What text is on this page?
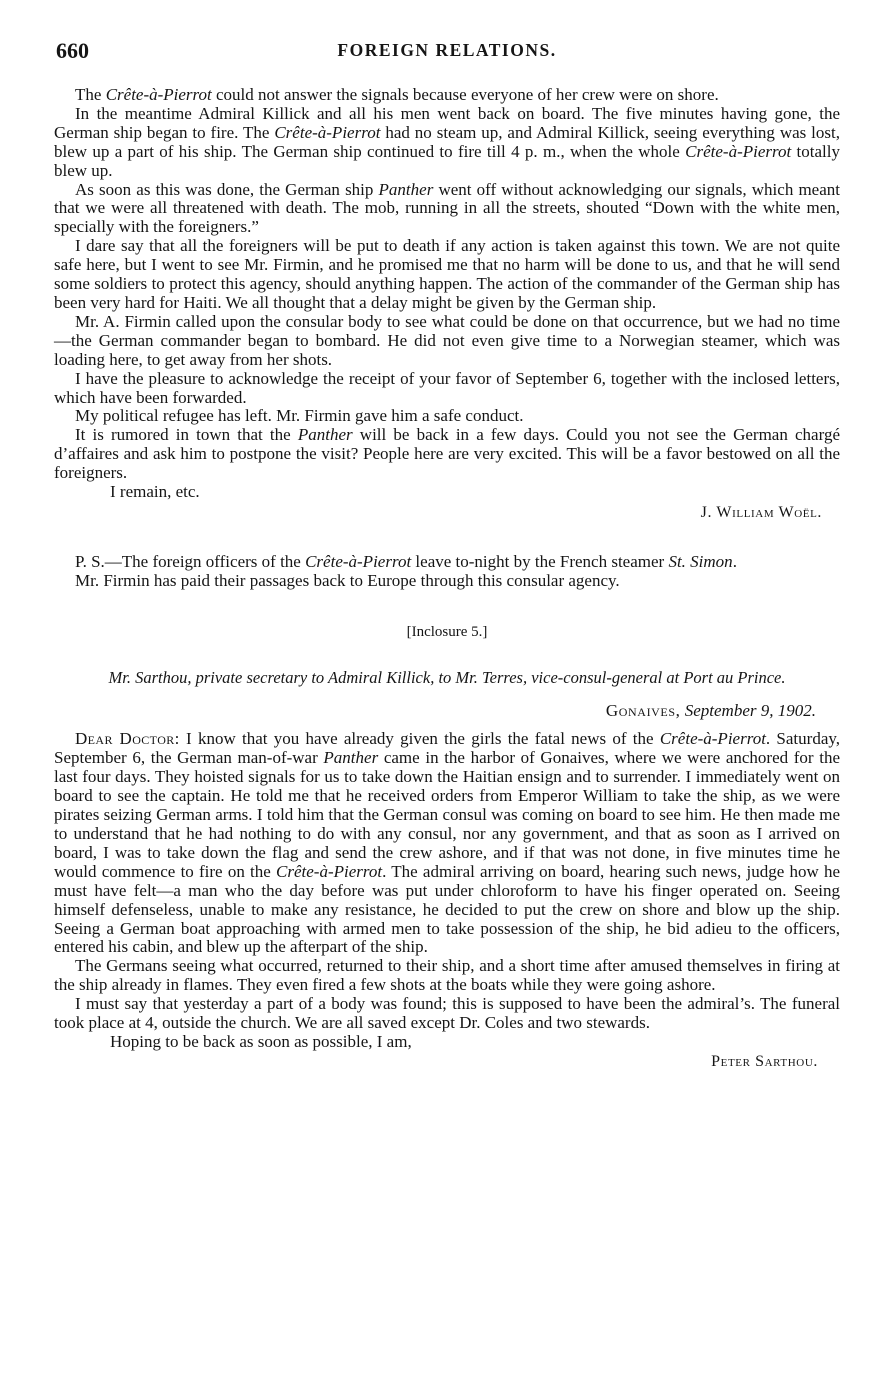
660	FOREIGN RELATIONS.

The Crête-à-Pierrot could not answer the signals because everyone of her crew were on shore.

In the meantime Admiral Killick and all his men went back on board. The five minutes having gone, the German ship began to fire. The Crête-à-Pierrot had no steam up, and Admiral Killick, seeing everything was lost, blew up a part of his ship. The German ship continued to fire till 4 p. m., when the whole Crête-à-Pierrot totally blew up.

As soon as this was done, the German ship Panther went off without acknowledging our signals, which meant that we were all threatened with death. The mob, running in all the streets, shouted “Down with the white men, specially with the foreigners.”

I dare say that all the foreigners will be put to death if any action is taken against this town. We are not quite safe here, but I went to see Mr. Firmin, and he promised me that no harm will be done to us, and that he will send some soldiers to protect this agency, should anything happen. The action of the commander of the German ship has been very hard for Haiti. We all thought that a delay might be given by the German ship.

Mr. A. Firmin called upon the consular body to see what could be done on that occurrence, but we had no time—the German commander began to bombard. He did not even give time to a Norwegian steamer, which was loading here, to get away from her shots.

I have the pleasure to acknowledge the receipt of your favor of September 6, together with the inclosed letters, which have been forwarded.

My political refugee has left. Mr. Firmin gave him a safe conduct.

It is rumored in town that the Panther will be back in a few days. Could you not see the German chargé d’affaires and ask him to postpone the visit? People here are very excited. This will be a favor bestowed on all the foreigners.

I remain, etc.

J. William Woël.

P. S.—The foreign officers of the Crête-à-Pierrot leave to-night by the French steamer St. Simon.

Mr. Firmin has paid their passages back to Europe through this consular agency.

[Inclosure 5.]
Mr. Sarthou, private secretary to Admiral Killick, to Mr. Terres, vice-consul-general at Port au Prince.
Gonaives, September 9, 1902.

Dear Doctor: I know that you have already given the girls the fatal news of the Crête-à-Pierrot. Saturday, September 6, the German man-of-war Panther came in the harbor of Gonaives, where we were anchored for the last four days. They hoisted signals for us to take down the Haitian ensign and to surrender. I immediately went on board to see the captain. He told me that he received orders from Emperor William to take the ship, as we were pirates seizing German arms. I told him that the German consul was coming on board to see him. He then made me to understand that he had nothing to do with any consul, nor any government, and that as soon as I arrived on board, I was to take down the flag and send the crew ashore, and if that was not done, in five minutes time he would commence to fire on the Crête-à-Pierrot. The admiral arriving on board, hearing such news, judge how he must have felt—a man who the day before was put under chloroform to have his finger operated on. Seeing himself defenseless, unable to make any resistance, he decided to put the crew on shore and blow up the ship. Seeing a German boat approaching with armed men to take possession of the ship, he bid adieu to the officers, entered his cabin, and blew up the afterpart of the ship.

The Germans seeing what occurred, returned to their ship, and a short time after amused themselves in firing at the ship already in flames. They even fired a few shots at the boats while they were going ashore.

I must say that yesterday a part of a body was found; this is supposed to have been the admiral’s. The funeral took place at 4, outside the church. We are all saved except Dr. Coles and two stewards.

Hoping to be back as soon as possible, I am,
Peter Sarthou.
